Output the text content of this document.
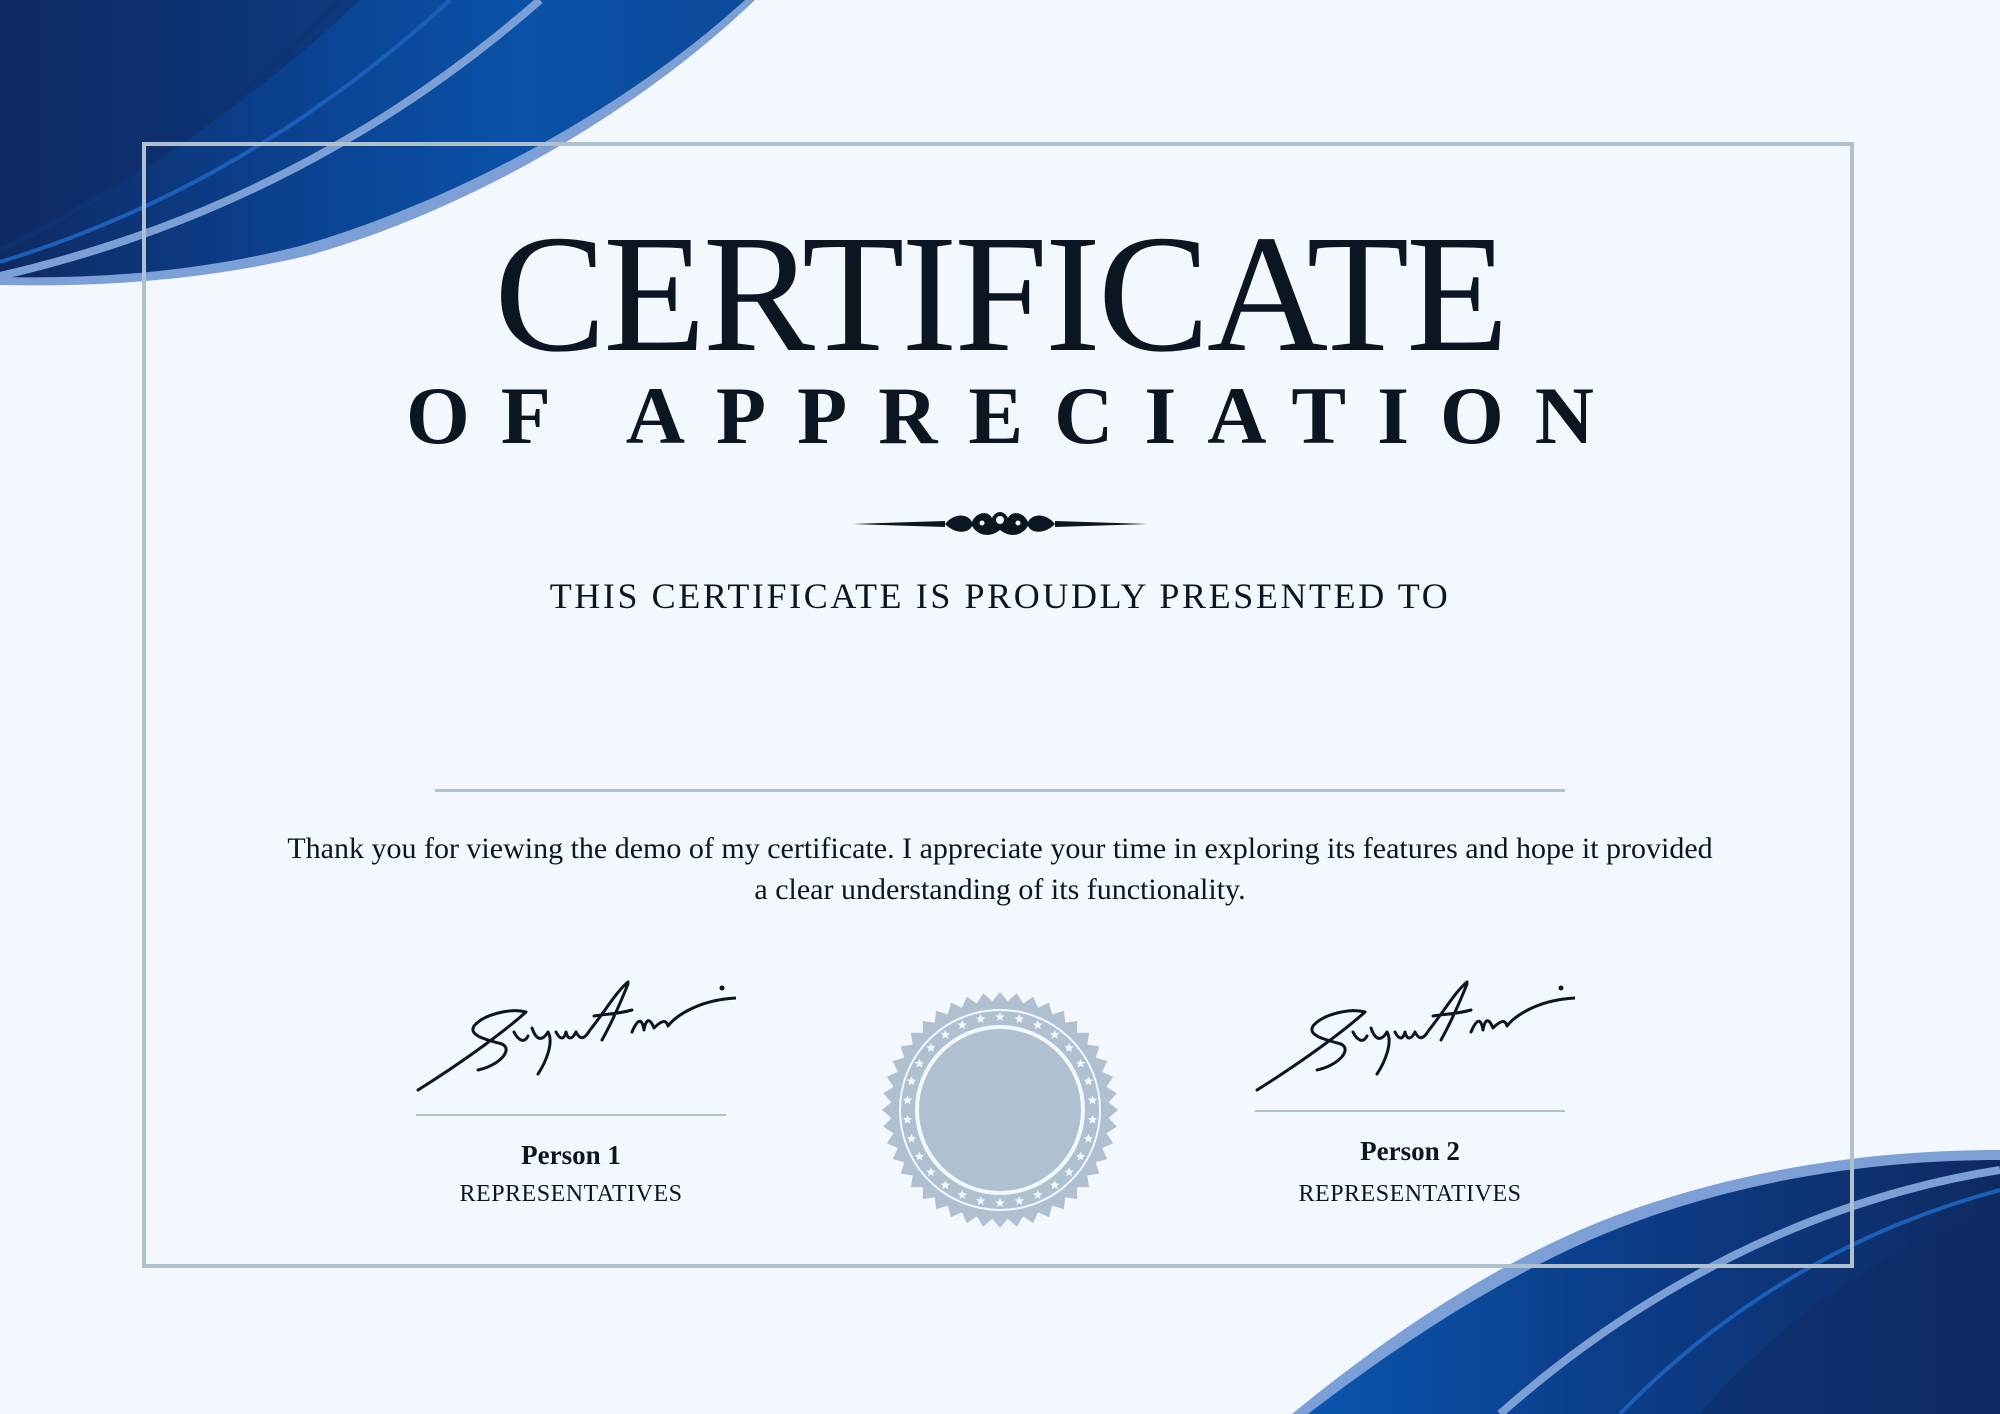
CERTIFICATE
OF APPRECIATION
THIS CERTIFICATE IS PROUDLY PRESENTED TO

Thank you for viewing the demo of my certificate. I appreciate your time in exploring its features and hope it provided a clear understanding of its functionality.

Person 1
REPRESENTATIVES
Person 2
REPRESENTATIVES
